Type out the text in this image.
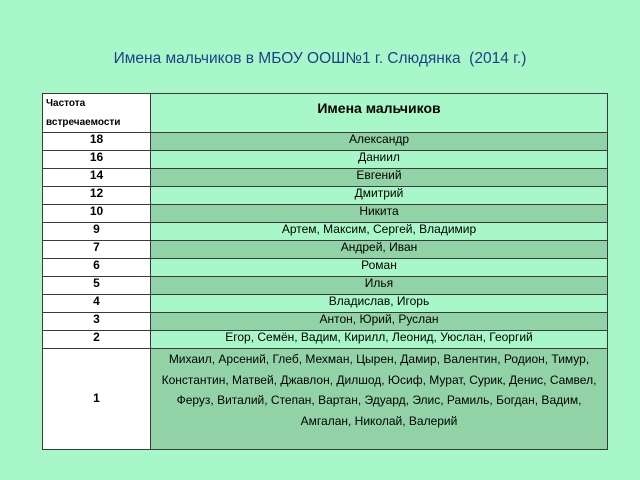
Имена мальчиков в МБОУ ООШ№1 г. Слюдянка  (2014 г.)
Частота встречаемости	Имена мальчиков
18	Александр
16	Даниил
14	Евгений
12	Дмитрий
10	Никита
9	Артем, Максим, Сергей, Владимир
7	Андрей, Иван
6	Роман
5	Илья
4	Владислав, Игорь
3	Антон, Юрий, Руслан
2	Егор, Семён, Вадим, Кирилл, Леонид, Уюслан, Георгий
1	Михаил, Арсений, Глеб, Мехман, Цырен, Дамир, Валентин, Родион, Тимур, Константин, Матвей, Джавлон, Дилшод, Юсиф, Мурат, Сурик, Денис, Самвел, Феруз, Виталий, Степан, Вартан, Эдуард, Элис, Рамиль, Богдан, Вадим, Амгалан, Николай, Валерий
